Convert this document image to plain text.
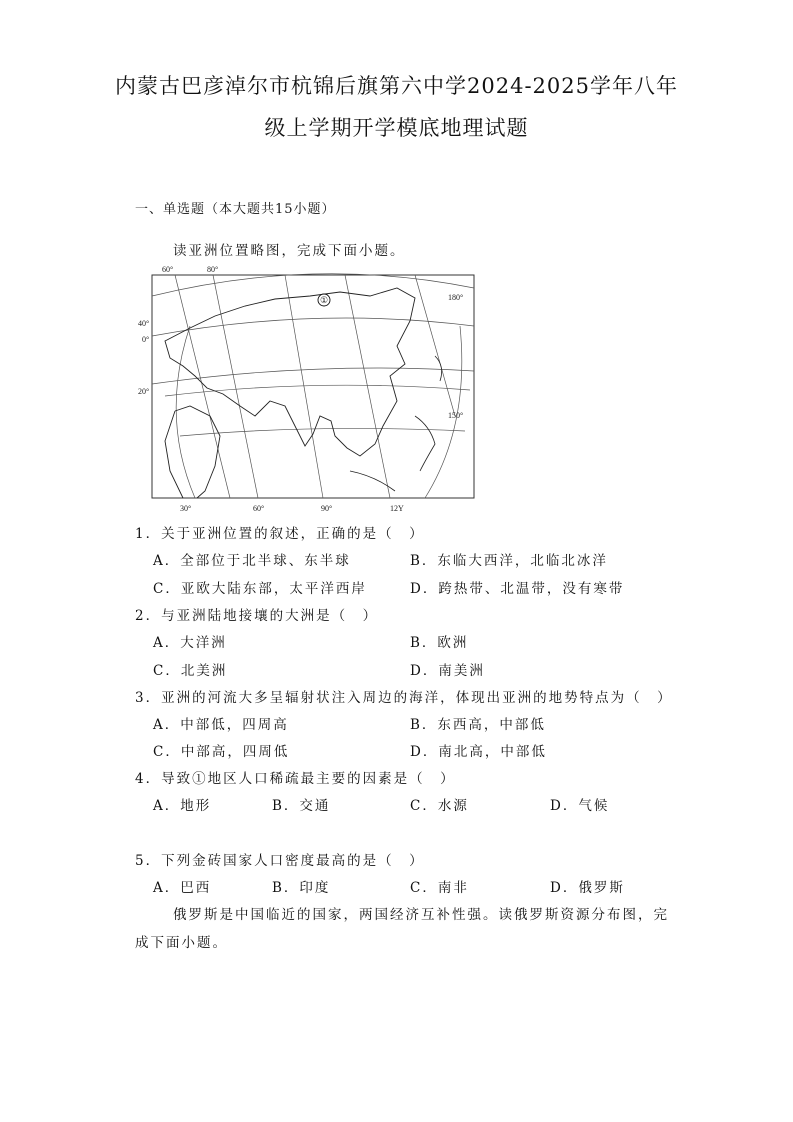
内蒙古巴彦淖尔市杭锦后旗第六中学2024-2025学年八年
级上学期开学模底地理试题

一、单选题（本大题共15小题）

读亚洲位置略图，完成下面小题。

①
60°	80°
40°
0°
20°
180°
150°
30°	60°	90°	12Y

1．关于亚洲位置的叙述，正确的是（　）

A．全部位于北半球、东半球	B．东临大西洋，北临北冰洋
C．亚欧大陆东部，太平洋西岸	D．跨热带、北温带，没有寒带

2．与亚洲陆地接壤的大洲是（　）

A．大洋洲	B．欧洲
C．北美洲	D．南美洲

3．亚洲的河流大多呈辐射状注入周边的海洋，体现出亚洲的地势特点为（　）

A．中部低，四周高	B．东西高，中部低
C．中部高，四周低	D．南北高，中部低

4．导致①地区人口稀疏最主要的因素是（　）

A．地形	B．交通	C．水源	D．气候

5．下列金砖国家人口密度最高的是（　）

A．巴西	B．印度	C．南非	D．俄罗斯

俄罗斯是中国临近的国家，两国经济互补性强。读俄罗斯资源分布图，完

成下面小题。
